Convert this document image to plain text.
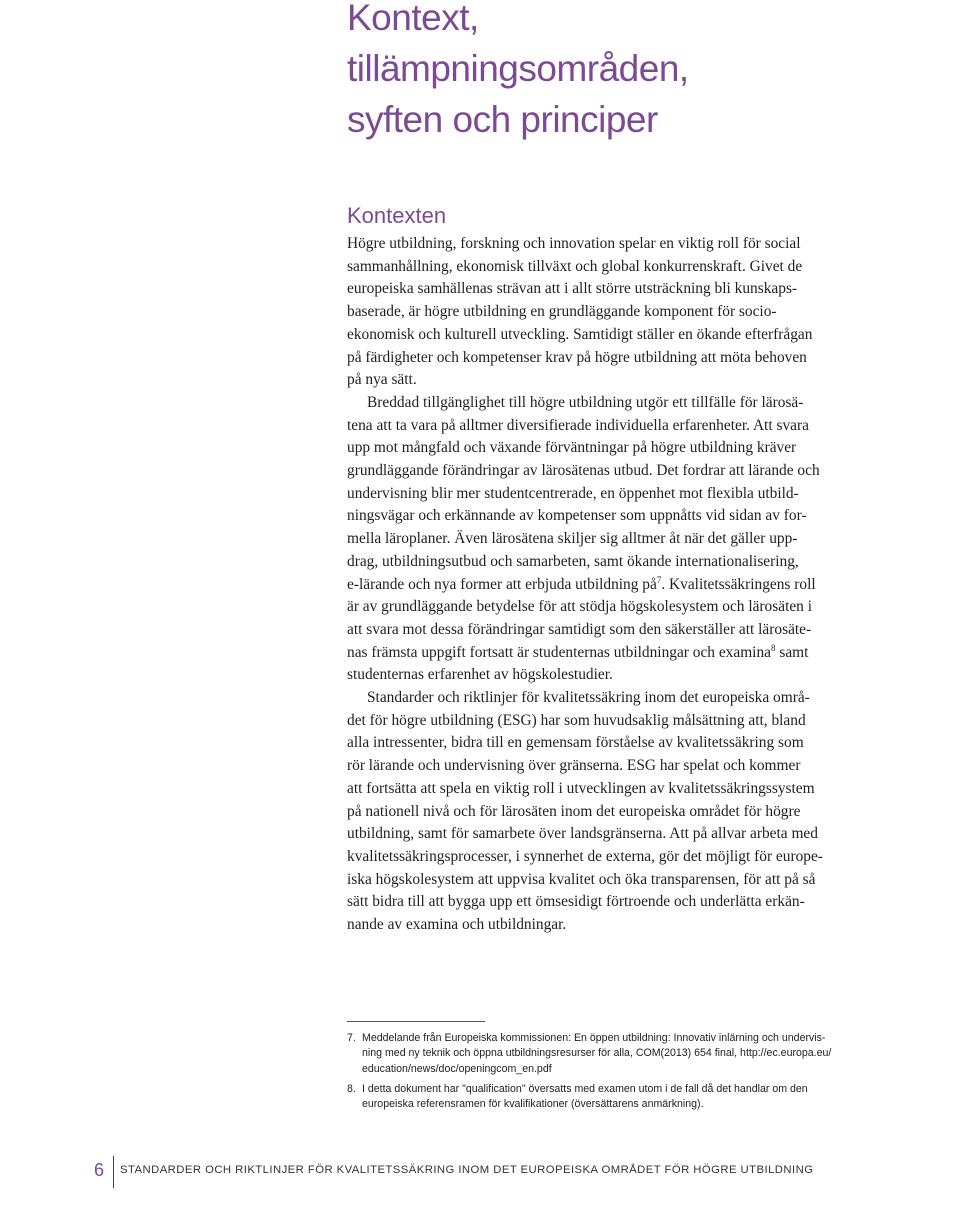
Kontext,
tillämpningsområden,
syften och principer
Kontexten

Högre utbildning, forskning och innovation spelar en viktig roll för social
sammanhållning, ekonomisk tillväxt och global konkurrenskraft. Givet de
europeiska samhällenas strävan att i allt större utsträckning bli kunskaps-
baserade, är högre utbildning en grundläggande komponent för socio-
ekonomisk och kulturell utveckling. Samtidigt ställer en ökande efterfrågan
på färdigheter och kompetenser krav på högre utbildning att möta behoven
på nya sätt.

Breddad tillgänglighet till högre utbildning utgör ett tillfälle för lärosä-
tena att ta vara på alltmer diversifierade individuella erfarenheter. Att svara
upp mot mångfald och växande förväntningar på högre utbildning kräver
grundläggande förändringar av lärosätenas utbud. Det fordrar att lärande och
undervisning blir mer studentcentrerade, en öppenhet mot flexibla utbild-
ningsvägar och erkännande av kompetenser som uppnåtts vid sidan av for-
mella läroplaner. Även lärosätena skiljer sig alltmer åt när det gäller upp-
drag, utbildningsutbud och samarbeten, samt ökande internationalisering,
e-lärande och nya former att erbjuda utbildning $på^7$. Kvalitetssäkringens roll
är av grundläggande betydelse för att stödja högskolesystem och lärosäten i
att svara mot dessa förändringar samtidigt som den säkerställer att lärosäte-
nas främsta uppgift fortsatt är studenternas utbildningar och examina$^8$ samt
studenternas erfarenhet av högskolestudier.

Standarder och riktlinjer för kvalitetssäkring inom det europeiska områ-
det för högre utbildning (ESG) har som huvudsaklig målsättning att, bland
alla intressenter, bidra till en gemensam förståelse av kvalitetssäkring som
rör lärande och undervisning över gränserna. ESG har spelat och kommer
att fortsätta att spela en viktig roll i utvecklingen av kvalitetssäkringssystem
på nationell nivå och för lärosäten inom det europeiska området för högre
utbildning, samt för samarbete över landsgränserna. Att på allvar arbeta med
kvalitetssäkringsprocesser, i synnerhet de externa, gör det möjligt för europe-
iska högskolesystem att uppvisa kvalitet och öka transparensen, för att på så
sätt bidra till att bygga upp ett ömsesidigt förtroende och underlätta erkän-
nande av examina och utbildningar.

7. Meddelande från Europeiska kommissionen: En öppen utbildning: Innovativ inlärning och undervis-
ning med ny teknik och öppna utbildningsresurser för alla, COM(2013) 654 final, http://ec.europa.eu/
education/news/doc/openingcom_en.pdf
8. I detta dokument har "qualification" översatts med examen utom i de fall då det handlar om den
europeiska referensramen för kvalifikationer (översättarens anmärkning).
6 STANDARDER OCH RIKTLINJER FÖR KVALITETSSÄKRING INOM DET EUROPEISKA OMRÅDET FÖR HÖGRE UTBILDNING
